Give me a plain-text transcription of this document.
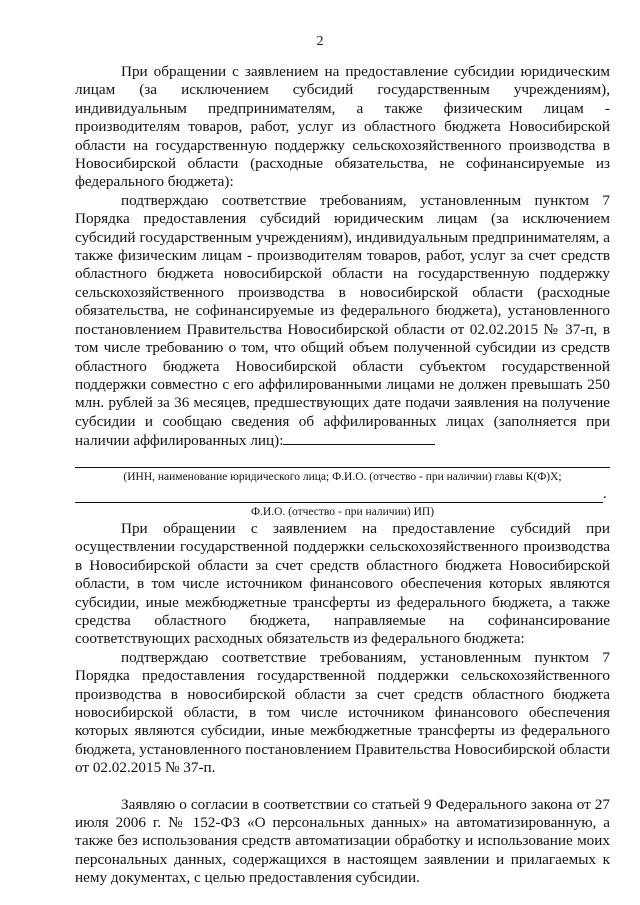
2

При обращении с заявлением на предоставление субсидии юридическим лицам (за исключением субсидий государственным учреждениям), индивидуальным предпринимателям, а также физическим лицам - производителям товаров, работ, услуг из областного бюджета Новосибирской области на государственную поддержку сельскохозяйственного производства в Новосибирской области (расходные обязательства, не софинансируемые из федерального бюджета):

подтверждаю соответствие требованиям, установленным пунктом 7 Порядка предоставления субсидий юридическим лицам (за исключением субсидий государственным учреждениям), индивидуальным предпринимателям, а также физическим лицам - производителям товаров, работ, услуг за счет средств областного бюджета новосибирской области на государственную поддержку сельскохозяйственного производства в новосибирской области (расходные обязательства, не софинансируемые из федерального бюджета), установленного постановлением Правительства Новосибирской области от 02.02.2015 № 37-п, в том числе требованию о том, что общий объем полученной субсидии из средств областного бюджета Новосибирской области субъектом государственной поддержки совместно с его аффилированными лицами не должен превышать 250 млн. рублей за 36 месяцев, предшествующих дате подачи заявления на получение субсидии и сообщаю сведения об аффилированных лицах (заполняется при наличии аффилированных лиц):

(ИНН, наименование юридического лица; Ф.И.О. (отчество - при наличии) главы К(Ф)Х;
.
Ф.И.О. (отчество - при наличии) ИП)

При обращении с заявлением на предоставление субсидий при осуществлении государственной поддержки сельскохозяйственного производства в Новосибирской области за счет средств областного бюджета Новосибирской области, в том числе источником финансового обеспечения которых являются субсидии, иные межбюджетные трансферты из федерального бюджета, а также средства областного бюджета, направляемые на софинансирование соответствующих расходных обязательств из федерального бюджета:

подтверждаю соответствие требованиям, установленным пунктом 7 Порядка предоставления государственной поддержки сельскохозяйственного производства в новосибирской области за счет средств областного бюджета новосибирской области, в том числе источником финансового обеспечения которых являются субсидии, иные межбюджетные трансферты из федерального бюджета, установленного постановлением Правительства Новосибирской области

от 02.02.2015 № 37-п.

Заявляю о согласии в соответствии со статьей 9 Федерального закона от 27 июля 2006 г. № 152-ФЗ «О персональных данных» на автоматизированную, а также без использования средств автоматизации обработку и использование моих персональных данных, содержащихся в настоящем заявлении и прилагаемых к нему документах, с целью предоставления субсидии.
